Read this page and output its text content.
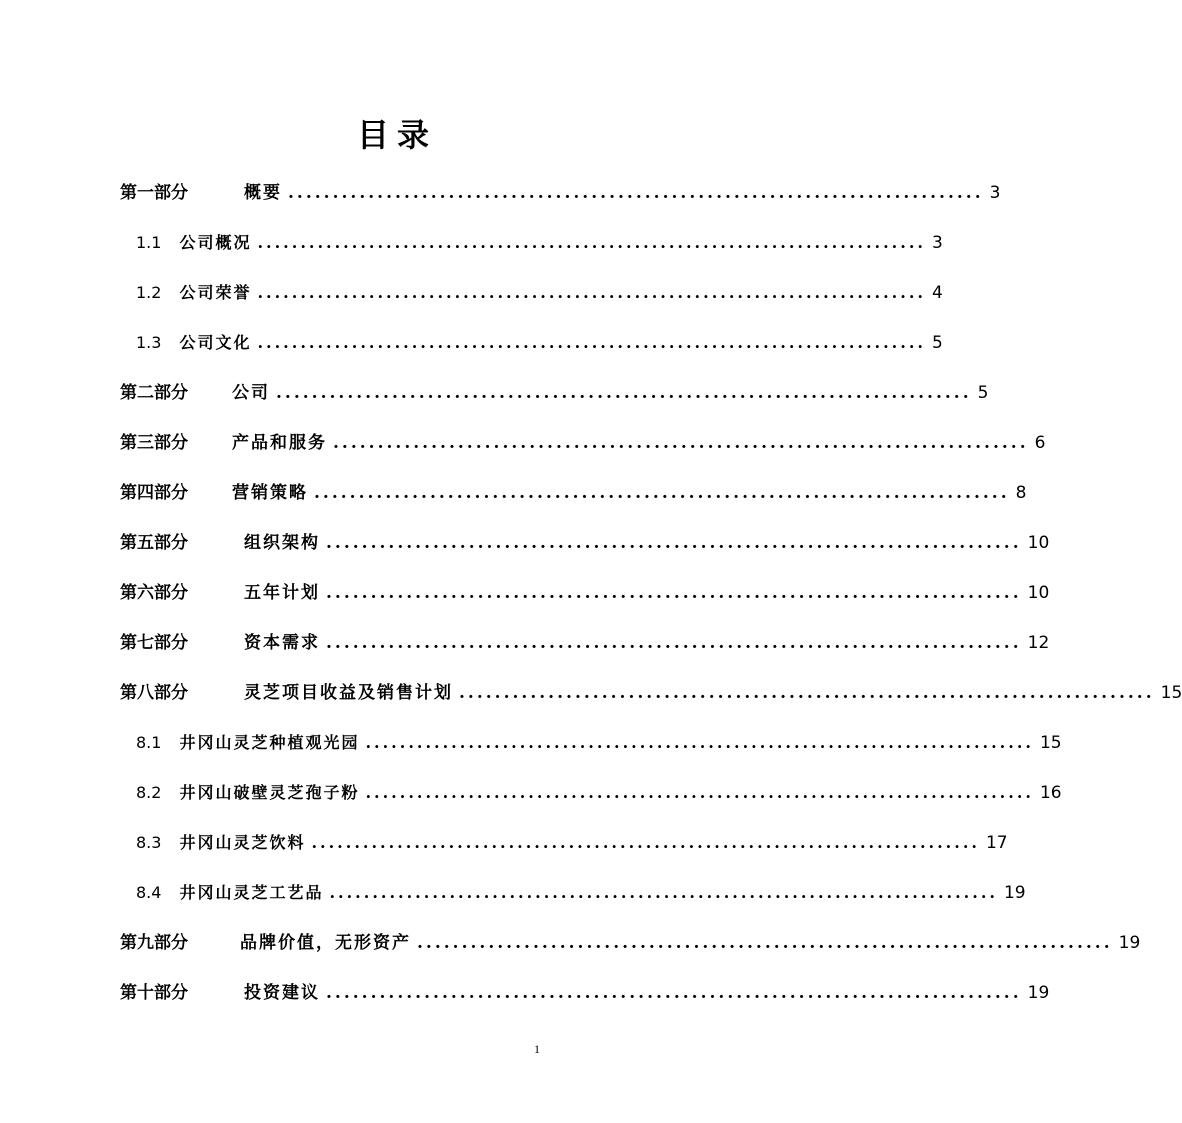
目录
第一部分	概要 .............................................................................. 3
1.1 公司概况 .............................................................................. 3
1.2 公司荣誉 .............................................................................. 4
1.3 公司文化 .............................................................................. 5
第二部分	公司 .............................................................................. 5
第三部分	产品和服务 .............................................................................. 6
第四部分	营销策略 .............................................................................. 8
第五部分	组织架构 .............................................................................. 10
第六部分	五年计划 .............................................................................. 10
第七部分	资本需求 .............................................................................. 12
第八部分	灵芝项目收益及销售计划 .............................................................................. 15
8.1 井冈山灵芝种植观光园 .............................................................................. 15
8.2 井冈山破壁灵芝孢子粉 .............................................................................. 16
8.3 井冈山灵芝饮料 .............................................................................. 17
8.4 井冈山灵芝工艺品 .............................................................................. 19
第九部分	品牌价值，无形资产 .............................................................................. 19
第十部分	投资建议 .............................................................................. 19
1
